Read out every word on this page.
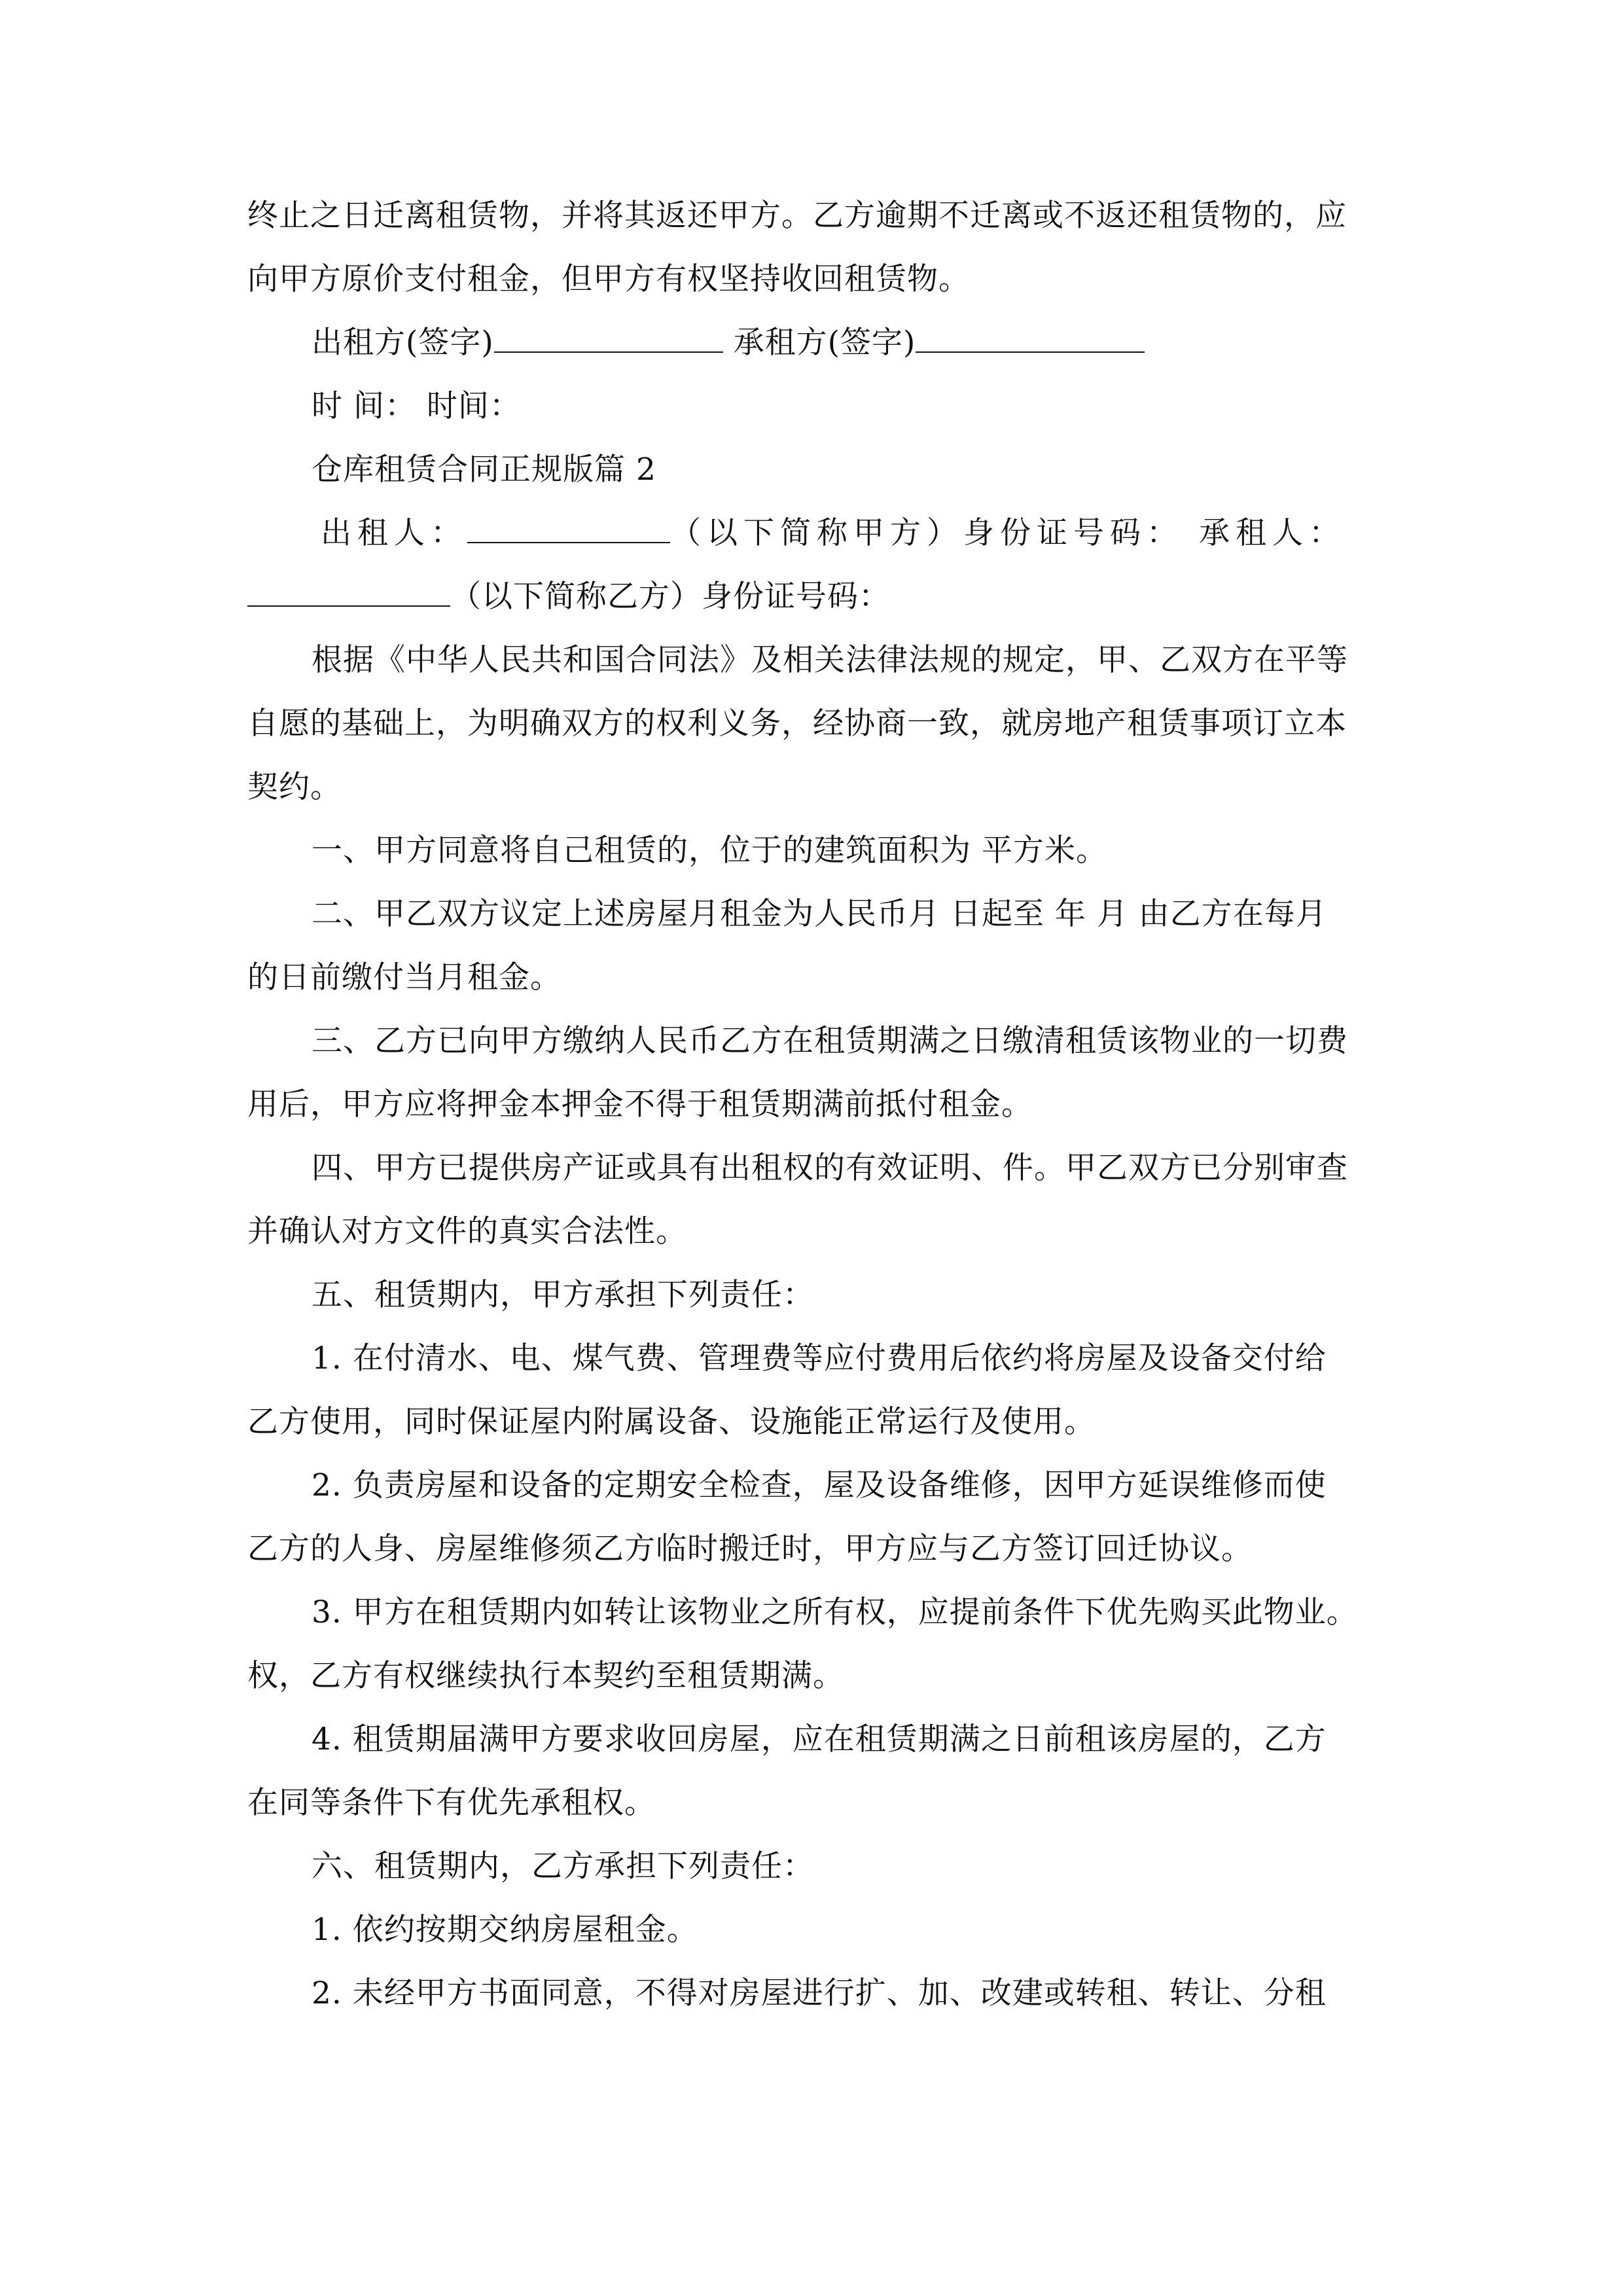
终止之日迁离租赁物，并将其返还甲方。乙方逾期不迁离或不返还租赁物的，应
向甲方原价支付租金，但甲方有权坚持收回租赁物。
出租方(签字)	承租方(签字)
时 间： 时间：
仓库租赁合同正规版篇 2
出租人：	（以下简称甲方）身份证号码： 承租人：
（以下简称乙方）身份证号码：
根据《中华人民共和国合同法》及相关法律法规的规定，甲、乙双方在平等
自愿的基础上，为明确双方的权利义务，经协商一致，就房地产租赁事项订立本
契约。
一、甲方同意将自己租赁的，位于的建筑面积为 平方米。
二、甲乙双方议定上述房屋月租金为人民币月 日起至 年 月 由乙方在每月
的日前缴付当月租金。
三、乙方已向甲方缴纳人民币乙方在租赁期满之日缴清租赁该物业的一切费
用后，甲方应将押金本押金不得于租赁期满前抵付租金。
四、甲方已提供房产证或具有出租权的有效证明、件。甲乙双方已分别审查
并确认对方文件的真实合法性。
五、租赁期内，甲方承担下列责任：
1. 在付清水、电、煤气费、管理费等应付费用后依约将房屋及设备交付给
乙方使用，同时保证屋内附属设备、设施能正常运行及使用。
2. 负责房屋和设备的定期安全检查，屋及设备维修，因甲方延误维修而使
乙方的人身、房屋维修须乙方临时搬迁时，甲方应与乙方签订回迁协议。
3. 甲方在租赁期内如转让该物业之所有权，应提前条件下优先购买此物业。
权，乙方有权继续执行本契约至租赁期满。
4. 租赁期届满甲方要求收回房屋，应在租赁期满之日前租该房屋的，乙方
在同等条件下有优先承租权。
六、租赁期内，乙方承担下列责任：
1. 依约按期交纳房屋租金。
2. 未经甲方书面同意，不得对房屋进行扩、加、改建或转租、转让、分租
